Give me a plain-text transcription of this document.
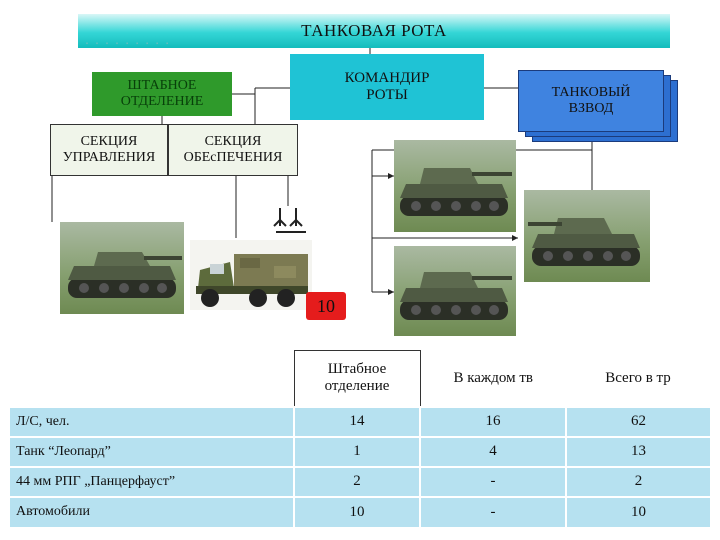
.........
ТАНКОВАЯ РОТА
КОМАНДИР РОТЫ
ШТАБНОЕ ОТДЕЛЕНИЕ
ТАНКОВЫЙ ВЗВОД
СЕКЦИЯ УПРАВЛЕНИЯ
СЕКЦИЯ ОБЕсПЕЧЕНИЯ
10
	Штабное отделение	В каждом тв	Всего в тр
Л/С, чел.	14	16	62
Танк “Леопард”	1	4	13
44 мм РПГ „Панцерфауст”	2	-	2
Автомобили	10	-	10
